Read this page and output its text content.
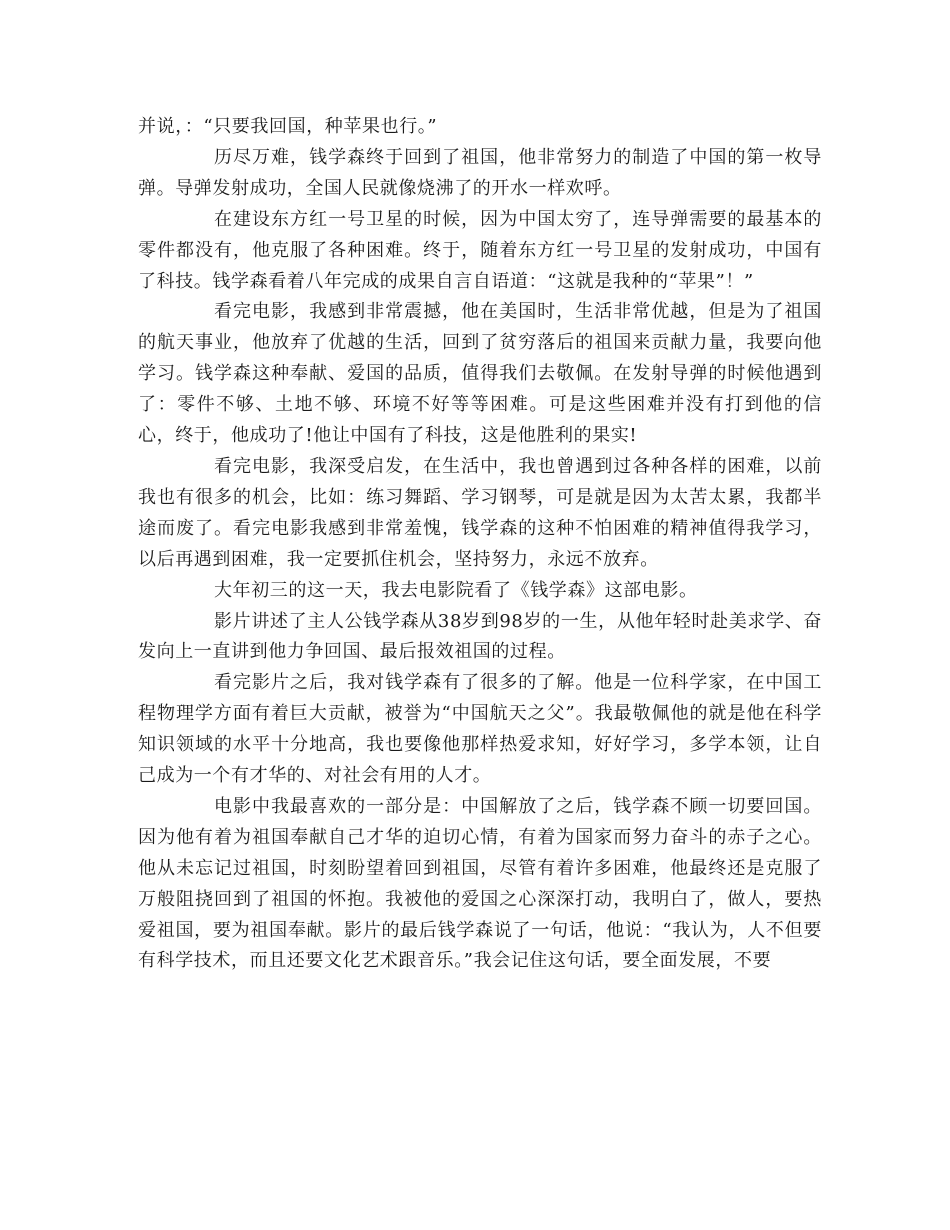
并说，：“只要我回国，种苹果也行。”

历尽万难，钱学森终于回到了祖国，他非常努力的制造了中国的第一枚导弹。导弹发射成功，全国人民就像烧沸了的开水一样欢呼。

在建设东方红一号卫星的时候，因为中国太穷了，连导弹需要的最基本的零件都没有，他克服了各种困难。终于，随着东方红一号卫星的发射成功，中国有了科技。钱学森看着八年完成的成果自言自语道：“这就是我种的“苹果”！”

看完电影，我感到非常震撼，他在美国时，生活非常优越，但是为了祖国的航天事业，他放弃了优越的生活，回到了贫穷落后的祖国来贡献力量，我要向他学习。钱学森这种奉献、爱国的品质，值得我们去敬佩。在发射导弹的时候他遇到了：零件不够、土地不够、环境不好等等困难。可是这些困难并没有打到他的信心，终于，他成功了!他让中国有了科技，这是他胜利的果实!

看完电影，我深受启发，在生活中，我也曾遇到过各种各样的困难，以前我也有很多的机会，比如：练习舞蹈、学习钢琴，可是就是因为太苦太累，我都半途而废了。看完电影我感到非常羞愧，钱学森的这种不怕困难的精神值得我学习，以后再遇到困难，我一定要抓住机会，坚持努力，永远不放弃。

大年初三的这一天，我去电影院看了《钱学森》这部电影。

影片讲述了主人公钱学森从38岁到98岁的一生，从他年轻时赴美求学、奋发向上一直讲到他力争回国、最后报效祖国的过程。

看完影片之后，我对钱学森有了很多的了解。他是一位科学家，在中国工程物理学方面有着巨大贡献，被誉为“中国航天之父”。我最敬佩他的就是他在科学知识领域的水平十分地高，我也要像他那样热爱求知，好好学习，多学本领，让自己成为一个有才华的、对社会有用的人才。

电影中我最喜欢的一部分是：中国解放了之后，钱学森不顾一切要回国。因为他有着为祖国奉献自己才华的迫切心情，有着为国家而努力奋斗的赤子之心。他从未忘记过祖国，时刻盼望着回到祖国，尽管有着许多困难，他最终还是克服了万般阻挠回到了祖国的怀抱。我被他的爱国之心深深打动，我明白了，做人，要热爱祖国，要为祖国奉献。影片的最后钱学森说了一句话，他说：“我认为，人不但要有科学技术，而且还要文化艺术跟音乐。”我会记住这句话，要全面发展，不要
